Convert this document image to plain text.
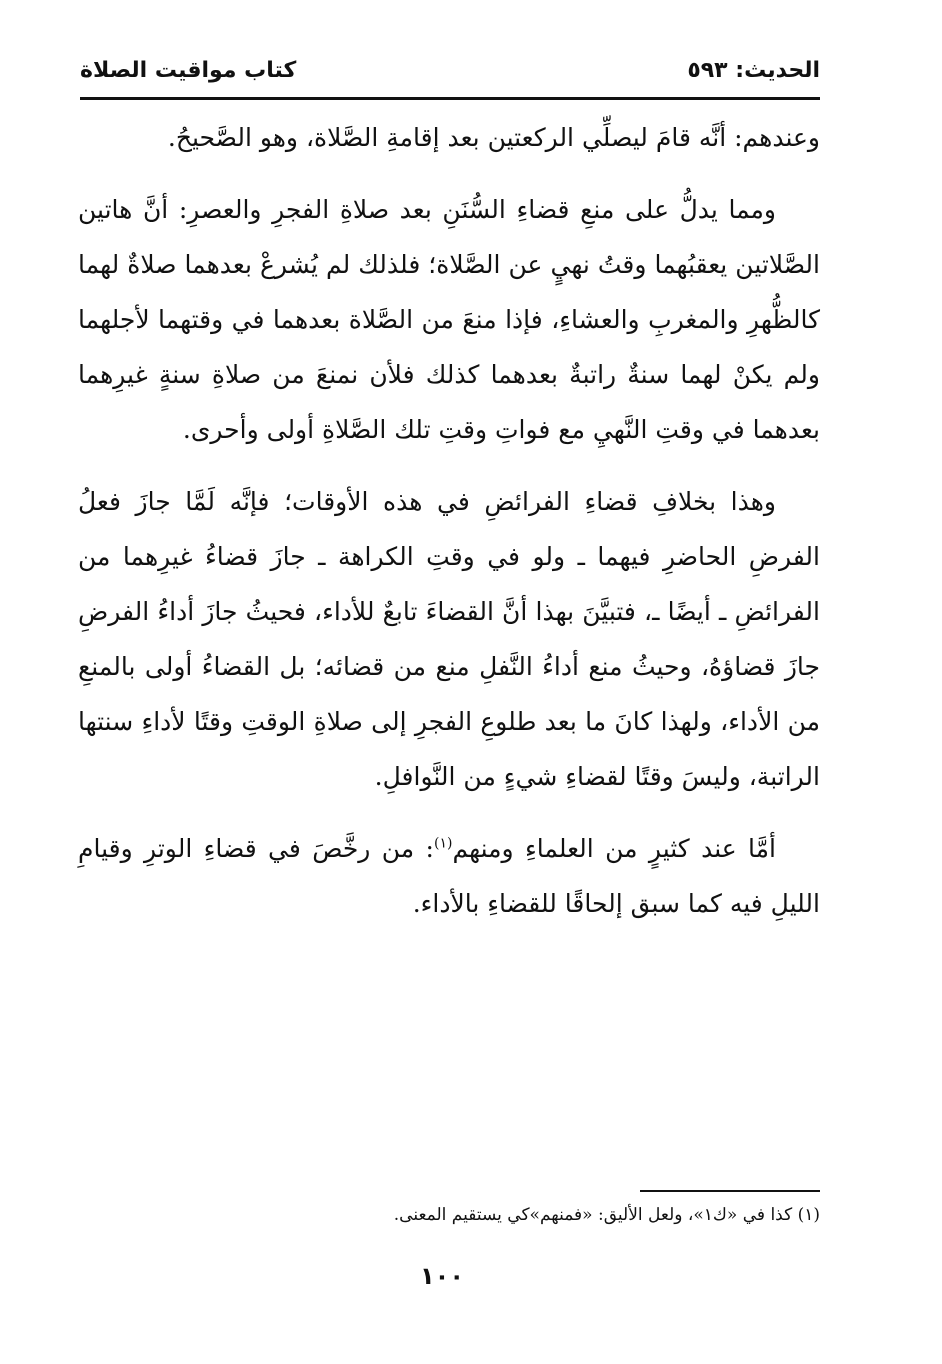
الحديث: ٥٩٣
كتاب مواقيت الصلاة

وعندهم: أنَّه قامَ ليصلِّي الركعتين بعد إقامةِ الصَّلاة، وهو الصَّحيحُ.

ومما يدلُّ على منعِ قضاءِ السُّنَنِ بعد صلاةِ الفجرِ والعصرِ: أنَّ هاتين الصَّلاتين يعقبُهما وقتُ نهيٍ عن الصَّلاة؛ فلذلك لم يُشرعْ بعدهما صلاةٌ لهما كالظُّهرِ والمغربِ والعشاءِ، فإذا منعَ من الصَّلاة بعدهما في وقتهما لأجلهما ولم يكنْ لهما سنةٌ راتبةٌ بعدهما كذلك فلأن نمنعَ من صلاةِ سنةٍ غيرِهما بعدهما في وقتِ النَّهيِ مع فواتِ وقتِ تلك الصَّلاةِ أولى وأحرى.

وهذا بخلافِ قضاءِ الفرائضِ في هذه الأوقات؛ فإنَّه لَمَّا جازَ فعلُ الفرضِ الحاضرِ فيهما ـ ولو في وقتِ الكراهة ـ جازَ قضاءُ غيرِهما من الفرائضِ ـ أيضًا ـ، فتبيَّنَ بهذا أنَّ القضاءَ تابعٌ للأداء، فحيثُ جازَ أداءُ الفرضِ جازَ قضاؤهُ، وحيثُ منع أداءُ النَّفلِ منع من قضائه؛ بل القضاءُ أولى بالمنعِ من الأداء، ولهذا كانَ ما بعد طلوعِ الفجرِ إلى صلاةِ الوقتِ وقتًا لأداءِ سنتها الراتبة، وليسَ وقتًا لقضاءِ شيءٍ من النَّوافلِ.

أمَّا عند كثيرٍ من العلماءِ ومنهم$^{(١)}$: من رخَّصَ في قضاءِ الوترِ وقيامِ الليلِ فيه كما سبق إلحاقًا للقضاءِ بالأداء.

(١) كذا في «ك١»، ولعل الأليق: «فمنهم»كي يستقيم المعنى.
١٠٠
